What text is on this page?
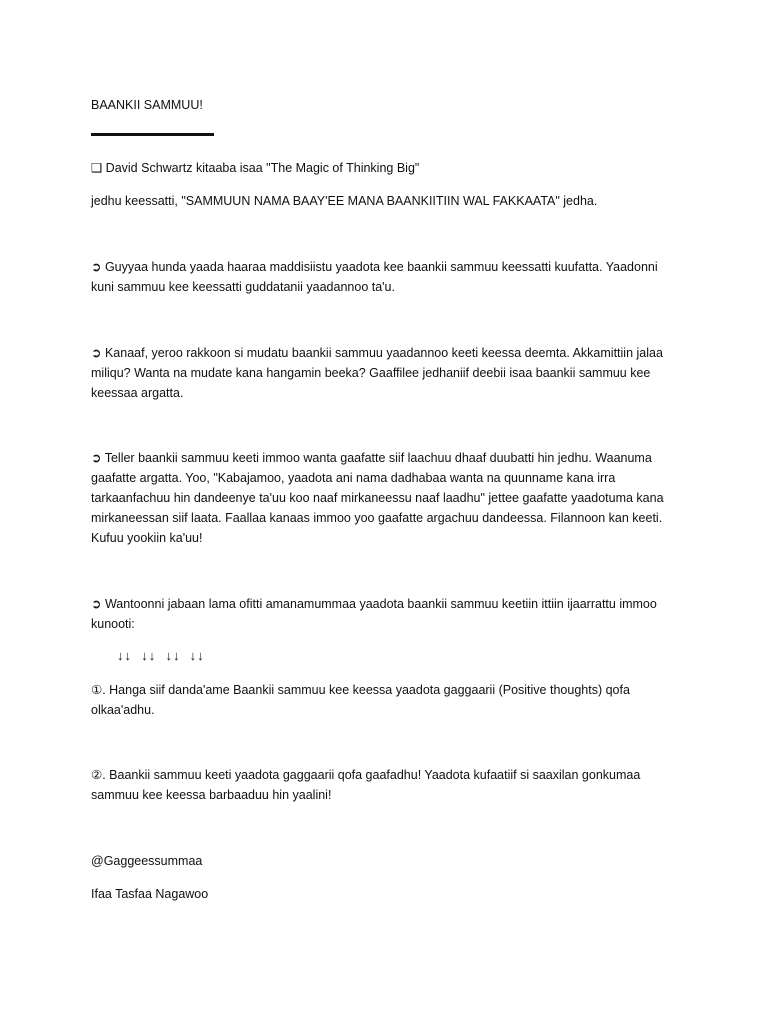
BAANKII SAMMUU!
❑ David Schwartz kitaaba isaa "The Magic of Thinking Big"
jedhu keessatti, "SAMMUUN NAMA BAAY'EE MANA BAANKIITIIN WAL FAKKAATA" jedha.
➲ Guyyaa hunda yaada haaraa maddisiistu yaadota kee baankii sammuu keessatti kuufatta. Yaadonni
kuni sammuu kee keessatti guddatanii yaadannoo ta'u.
➲ Kanaaf, yeroo rakkoon si mudatu baankii sammuu yaadannoo keeti keessa deemta. Akkamittiin jalaa
miliqu? Wanta na mudate kana hangamin beeka? Gaaffilee jedhaniif deebii isaa baankii sammuu kee
keessaa argatta.
➲ Teller baankii sammuu keeti immoo wanta gaafatte siif laachuu dhaaf duubatti hin jedhu. Waanuma
gaafatte argatta. Yoo, "Kabajamoo, yaadota ani nama dadhabaa wanta na quunname kana irra
tarkaanfachuu hin dandeenye ta'uu koo naaf mirkaneessu naaf laadhu" jettee gaafatte yaadotuma kana
mirkaneessan siif laata. Faallaa kanaas immoo yoo gaafatte argachuu dandeessa. Filannoon kan keeti.
Kufuu yookiin ka'uu!
➲ Wantoonni jabaan lama ofitti amanamummaa yaadota baankii sammuu keetiin ittiin ijaarrattu immoo
kunooti:
↓↓  ↓↓  ↓↓  ↓↓
①. Hanga siif danda'ame Baankii sammuu kee keessa yaadota gaggaarii (Positive thoughts) qofa
olkaa'adhu.
②. Baankii sammuu keeti yaadota gaggaarii qofa gaafadhu! Yaadota kufaatiif si saaxilan gonkumaa
sammuu kee keessa barbaaduu hin yaalini!
@Gaggeessummaa
Ifaa Tasfaa Nagawoo
